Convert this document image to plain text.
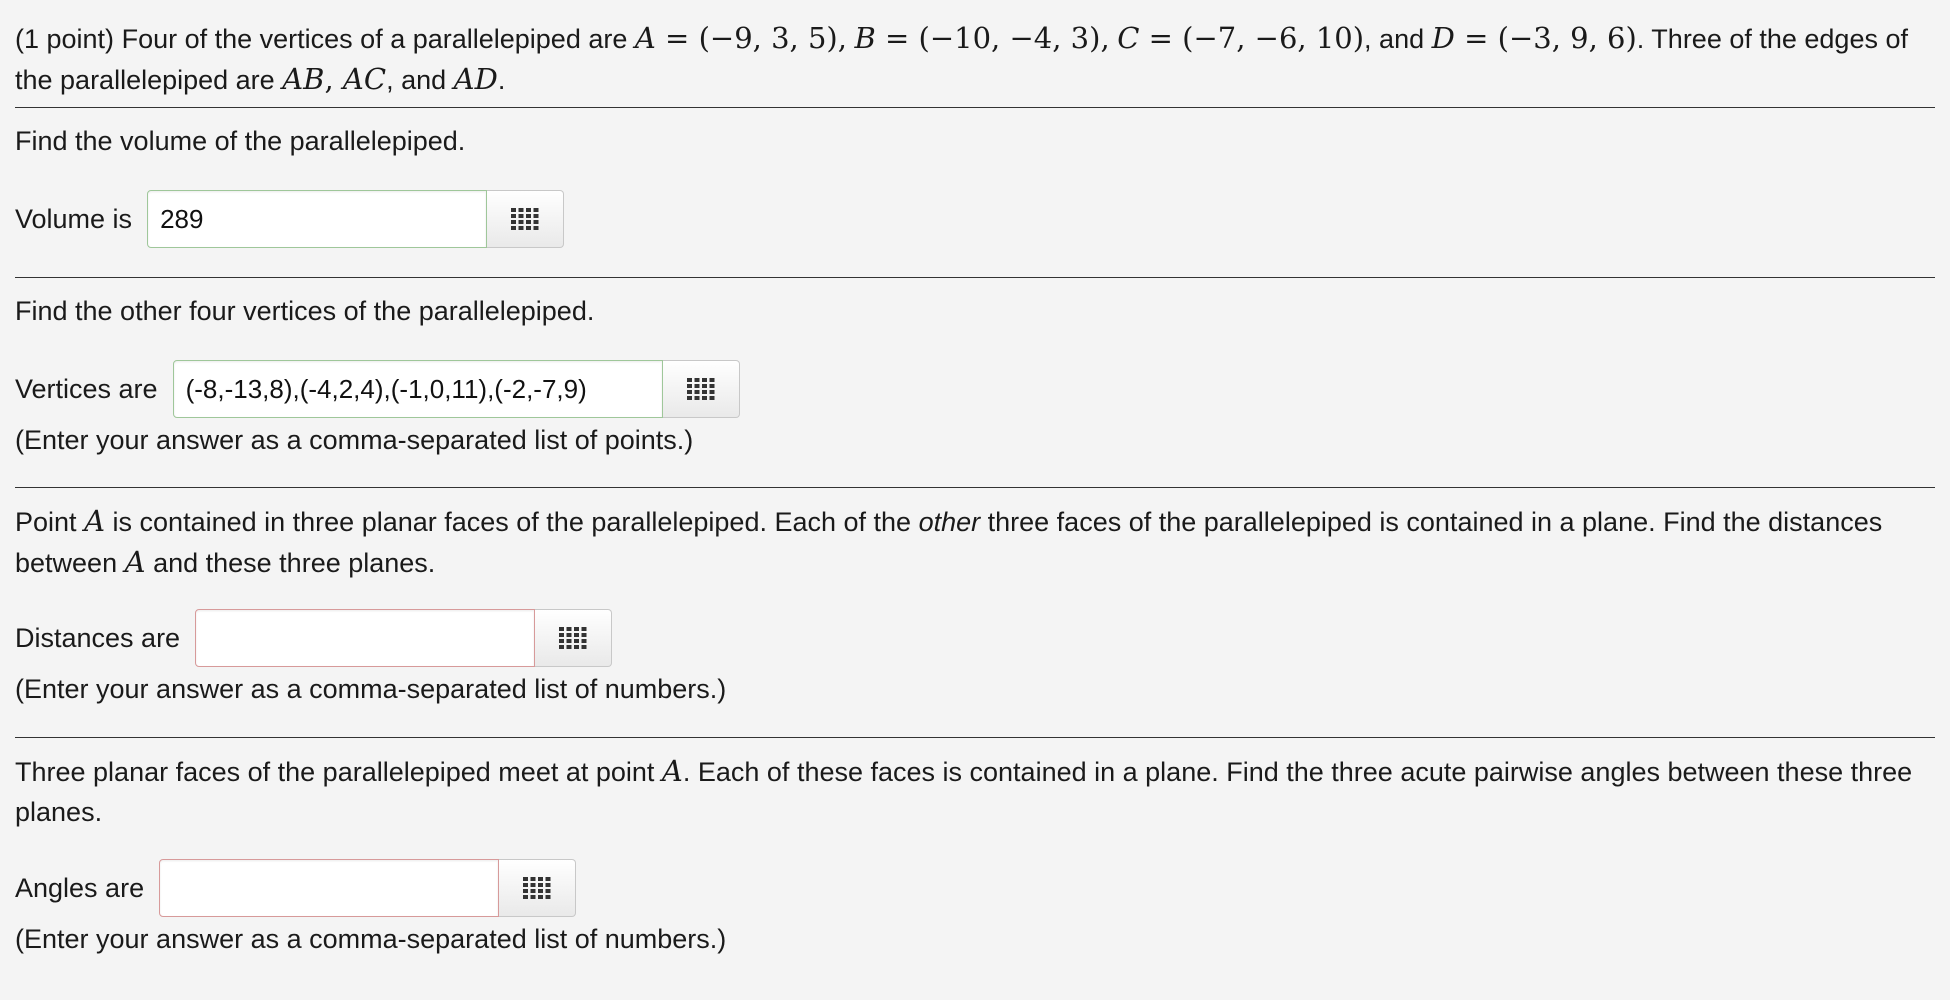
(1 point) Four of the vertices of a parallelepiped are A = (−9, 3, 5), B = (−10, −4, 3), C = (−7, −6, 10), and D = (−3, 9, 6). Three of the edges of the parallelepiped are AB, AC, and AD.

Find the volume of the parallelepiped.
Volume is
289
Find the other four vertices of the parallelepiped.
Vertices are
(-8,-13,8),(-4,2,4),(-1,0,11),(-2,-7,9)
(Enter your answer as a comma-separated list of points.)

Point A is contained in three planar faces of the parallelepiped. Each of the other three faces of the parallelepiped is contained in a plane. Find the distances between A and these three planes.

Distances are
(Enter your answer as a comma-separated list of numbers.)

Three planar faces of the parallelepiped meet at point A. Each of these faces is contained in a plane. Find the three acute pairwise angles between these three planes.

Angles are
(Enter your answer as a comma-separated list of numbers.)
